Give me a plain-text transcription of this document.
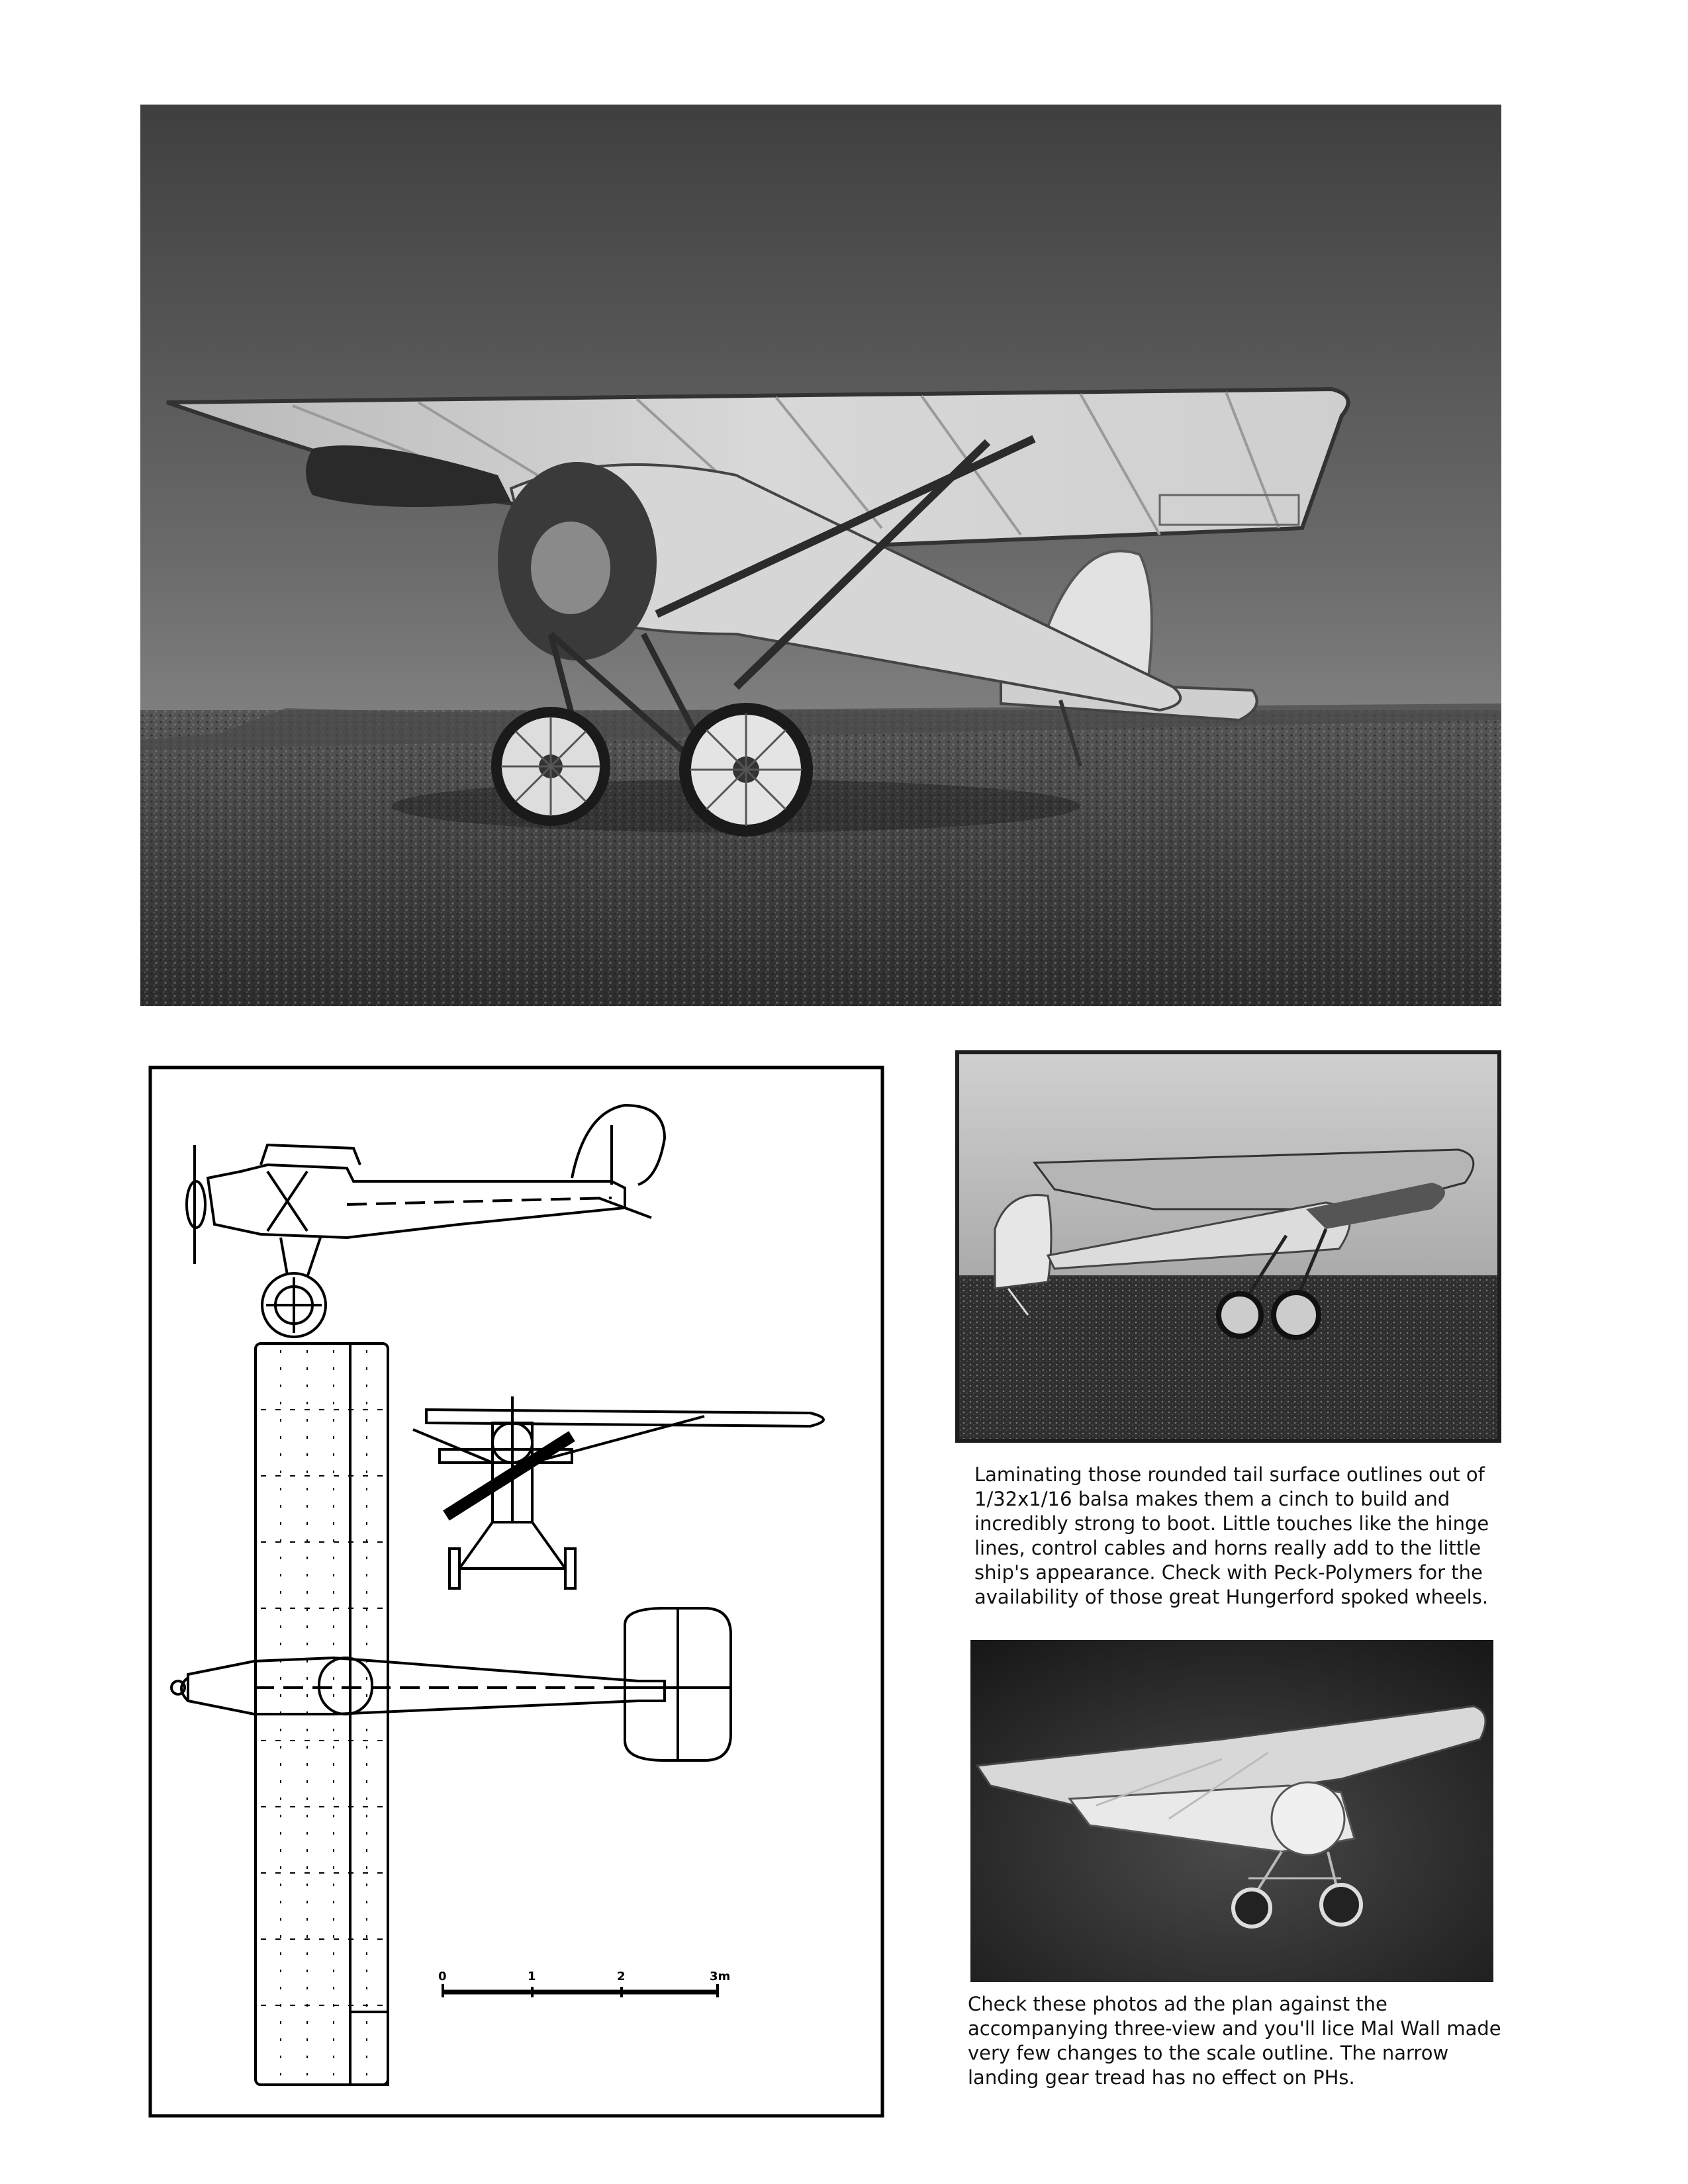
0	1	2	3m

Laminating those rounded tail surface outlines out of 1/32x1/16 balsa makes them a cinch to build and incredibly strong to boot. Little touches like the hinge lines, control cables and horns really add to the little ship's appearance. Check with Peck-Polymers for the availability of those great Hungerford spoked wheels.

Check these photos ad the plan against the accompanying three-view and you'll lice Mal Wall made very few changes to the scale outline. The narrow landing gear tread has no effect on PHs.
